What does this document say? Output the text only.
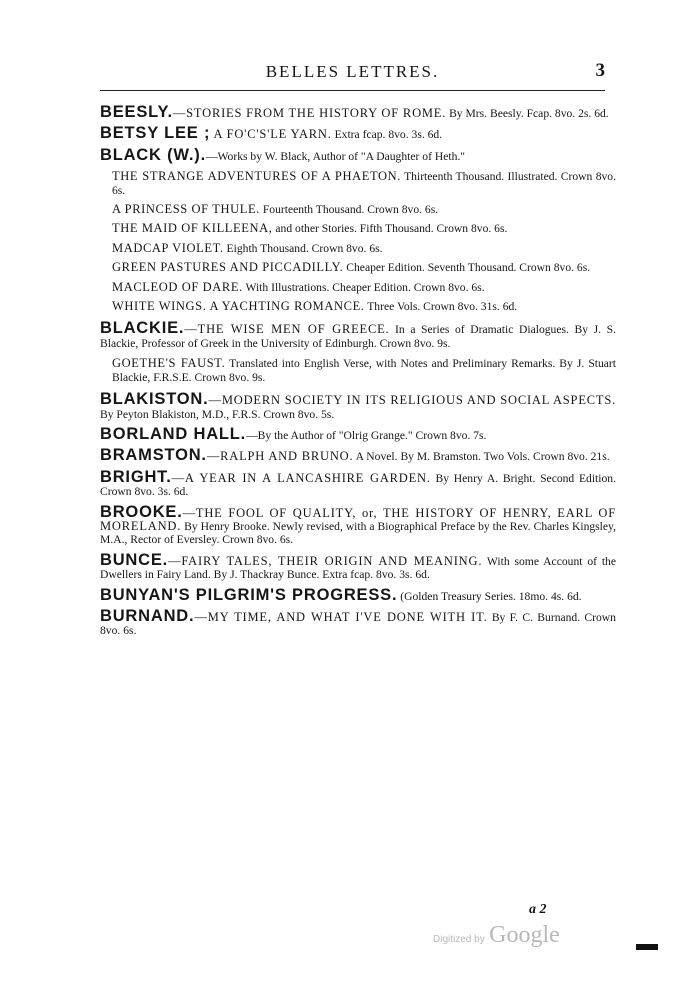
BELLES LETTRES.	3
BEESLY.—STORIES FROM THE HISTORY OF ROME. By Mrs. Beesly. Fcap. 8vo. 2s. 6d.
BETSY LEE ; A FO'C'S'LE YARN. Extra fcap. 8vo. 3s. 6d.
BLACK (W.).—Works by W. Black, Author of "A Daughter of Heth."
THE STRANGE ADVENTURES OF A PHAETON. Thirteenth Thousand. Illustrated. Crown 8vo. 6s.
A PRINCESS OF THULE. Fourteenth Thousand. Crown 8vo. 6s.
THE MAID OF KILLEENA, and other Stories. Fifth Thousand. Crown 8vo. 6s.
MADCAP VIOLET. Eighth Thousand. Crown 8vo. 6s.
GREEN PASTURES AND PICCADILLY. Cheaper Edition. Seventh Thousand. Crown 8vo. 6s.
MACLEOD OF DARE. With Illustrations. Cheaper Edition. Crown 8vo. 6s.
WHITE WINGS. A YACHTING ROMANCE. Three Vols. Crown 8vo. 31s. 6d.
BLACKIE.—THE WISE MEN OF GREECE. In a Series of Dramatic Dialogues. By J. S. Blackie, Professor of Greek in the University of Edinburgh. Crown 8vo. 9s.
GOETHE'S FAUST. Translated into English Verse, with Notes and Preliminary Remarks. By J. Stuart Blackie, F.R.S.E. Crown 8vo. 9s.
BLAKISTON.—MODERN SOCIETY IN ITS RELIGIOUS AND SOCIAL ASPECTS. By Peyton Blakiston, M.D., F.R.S. Crown 8vo. 5s.
BORLAND HALL.—By the Author of "Olrig Grange." Crown 8vo. 7s.
BRAMSTON.—RALPH AND BRUNO. A Novel. By M. Bramston. Two Vols. Crown 8vo. 21s.
BRIGHT.—A YEAR IN A LANCASHIRE GARDEN. By Henry A. Bright. Second Edition. Crown 8vo. 3s. 6d.
BROOKE.—THE FOOL OF QUALITY, or, THE HISTORY OF HENRY, EARL OF MORELAND. By Henry Brooke. Newly revised, with a Biographical Preface by the Rev. Charles Kingsley, M.A., Rector of Eversley. Crown 8vo. 6s.
BUNCE.—FAIRY TALES, THEIR ORIGIN AND MEANING. With some Account of the Dwellers in Fairy Land. By J. Thackray Bunce. Extra fcap. 8vo. 3s. 6d.
BUNYAN'S PILGRIM'S PROGRESS. (Golden Treasury Series. 18mo. 4s. 6d.
BURNAND.—MY TIME, AND WHAT I'VE DONE WITH IT. By F. C. Burnand. Crown 8vo. 6s.
a 2
Digitized by Google
